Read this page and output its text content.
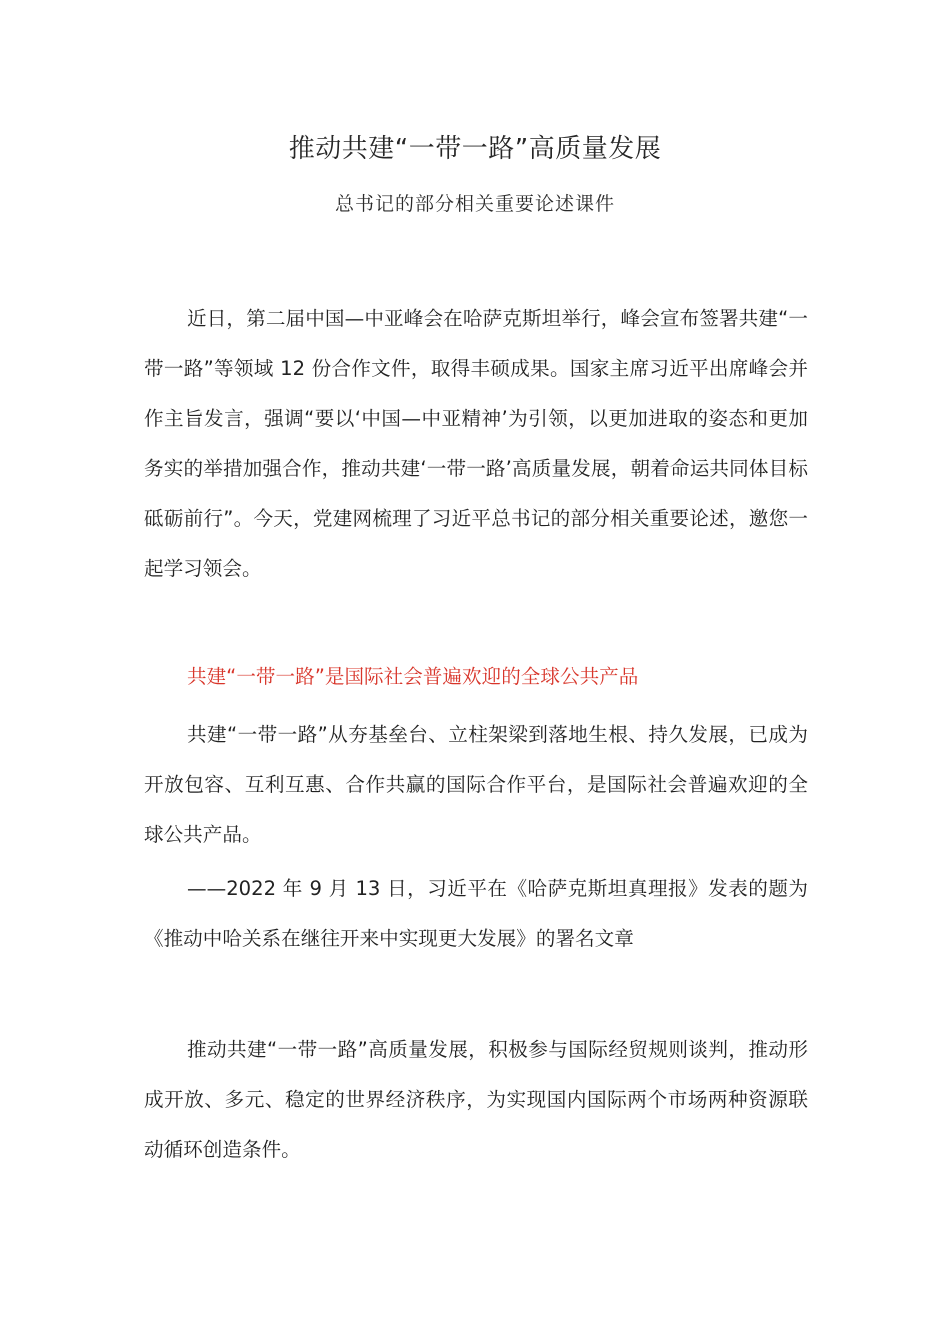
推动共建“一带一路”高质量发展
总书记的部分相关重要论述课件

近日，第二届中国—中亚峰会在哈萨克斯坦举行，峰会宣布签署共建“一带一路”等领域 12 份合作文件，取得丰硕成果。国家主席习近平出席峰会并作主旨发言，强调“要以‘中国—中亚精神’为引领，以更加进取的姿态和更加务实的举措加强合作，推动共建‘一带一路’高质量发展，朝着命运共同体目标砥砺前行”。今天，党建网梳理了习近平总书记的部分相关重要论述，邀您一起学习领会。

共建“一带一路”是国际社会普遍欢迎的全球公共产品

共建“一带一路”从夯基垒台、立柱架梁到落地生根、持久发展，已成为开放包容、互利互惠、合作共赢的国际合作平台，是国际社会普遍欢迎的全球公共产品。

——2022 年 9 月 13 日，习近平在《哈萨克斯坦真理报》发表的题为《推动中哈关系在继往开来中实现更大发展》的署名文章

推动共建“一带一路”高质量发展，积极参与国际经贸规则谈判，推动形成开放、多元、稳定的世界经济秩序，为实现国内国际两个市场两种资源联动循环创造条件。
